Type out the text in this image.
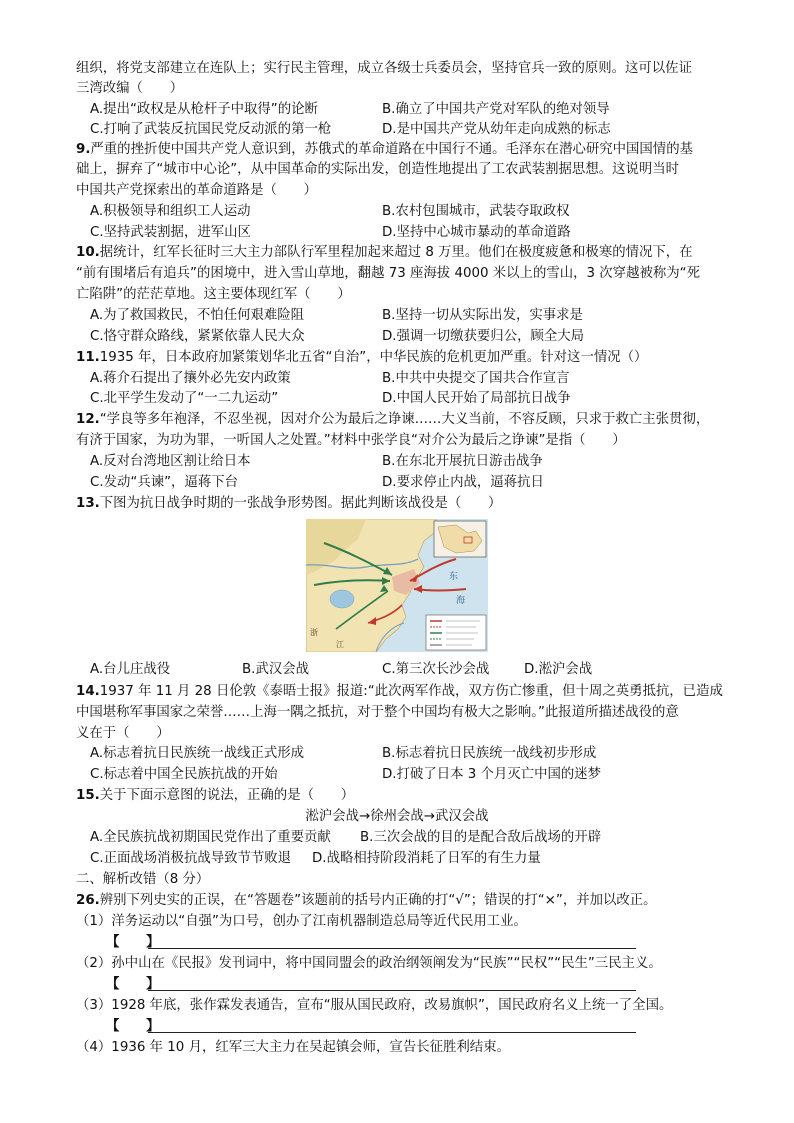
组织，将党支部建立在连队上；实行民主管理，成立各级士兵委员会，坚持官兵一致的原则。这可以佐证
三湾改编（　　）
A.提出“政权是从枪杆子中取得”的论断	B.确立了中国共产党对军队的绝对领导
C.打响了武装反抗国民党反动派的第一枪	D.是中国共产党从幼年走向成熟的标志
9.严重的挫折使中国共产党人意识到，苏俄式的革命道路在中国行不通。毛泽东在潜心研究中国国情的基
础上，摒弃了“城市中心论”，从中国革命的实际出发，创造性地提出了工农武装割据思想。这说明当时
中国共产党探索出的革命道路是（　　）
A.积极领导和组织工人运动	B.农村包围城市，武装夺取政权
C.坚持武装割据，进军山区	D.坚持中心城市暴动的革命道路
10.据统计，红军长征时三大主力部队行军里程加起来超过 8 万里。他们在极度疲惫和极寒的情况下，在
“前有围堵后有追兵”的困境中，进入雪山草地，翻越 73 座海拔 4000 米以上的雪山，3 次穿越被称为“死
亡陷阱”的茫茫草地。这主要体现红军（　　）
A.为了救国救民，不怕任何艰难险阻	B.坚持一切从实际出发，实事求是
C.恪守群众路线，紧紧依靠人民大众	D.强调一切缴获要归公，顾全大局
11.1935 年，日本政府加紧策划华北五省“自治”，中华民族的危机更加严重。针对这一情况（）
A.蒋介石提出了攘外必先安内政策	B.中共中央提交了国共合作宣言
C.北平学生发动了“一二九运动”	D.中国人民开始了局部抗日战争
12.“学良等多年袍泽，不忍坐视，因对介公为最后之诤谏……大义当前，不容反顾，只求于救亡主张贯彻，
有济于国家，为功为罪，一听国人之处置。”材料中张学良“对介公为最后之诤谏”是指（　　）
A.反对台湾地区割让给日本	B.在东北开展抗日游击战争
C.发动“兵谏”，逼蒋下台	D.要求停止内战，逼蒋抗日
13.下图为抗日战争时期的一张战争形势图。据此判断该战役是（　　）
东
海
浙
江
A.台儿庄战役	B.武汉会战	C.第三次长沙会战	D.淞沪会战
14.1937 年 11 月 28 日伦敦《泰晤士报》报道:“此次两军作战，双方伤亡惨重，但十周之英勇抵抗，已造成
中国堪称军事国家之荣誉……上海一隅之抵抗，对于整个中国均有极大之影响。”此报道所描述战役的意
义在于（　　）
A.标志着抗日民族统一战线正式形成	B.标志着抗日民族统一战线初步形成
C.标志着中国全民族抗战的开始	D.打破了日本 3 个月灭亡中国的迷梦
15.关于下面示意图的说法，正确的是（　　）
淞沪会战→徐州会战→武汉会战
A.全民族抗战初期国民党作出了重要贡献 B.三次会战的目的是配合敌后战场的开辟
C.正面战场消极抗战导致节节败退 D.战略相持阶段消耗了日军的有生力量
二、解析改错（8 分）
26.辨别下列史实的正误，在“答题卷”该题前的括号内正确的打“√”；错误的打“×”，并加以改正。
（1）洋务运动以“自强”为口号，创办了江南机器制造总局等近代民用工业。
【　　】
（2）孙中山在《民报》发刊词中，将中国同盟会的政治纲领阐发为“民族”“民权”“民生”三民主义。
【　　】
（3）1928 年底，张作霖发表通告，宣布“服从国民政府，改易旗帜”，国民政府名义上统一了全国。
【　　】
（4）1936 年 10 月，红军三大主力在吴起镇会师，宣告长征胜利结束。
